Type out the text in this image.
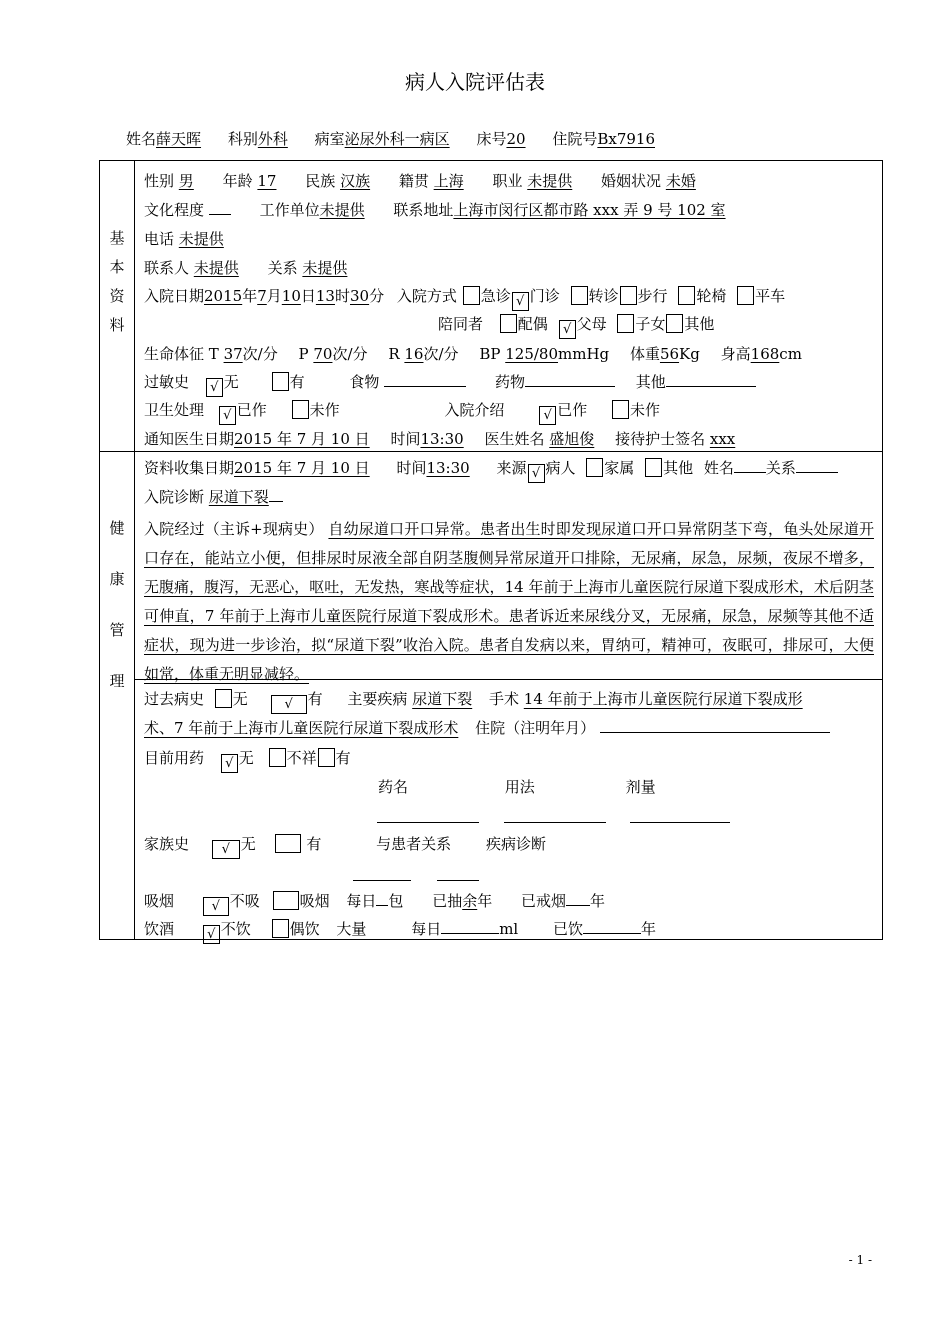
病人入院评估表
姓名薛天晖 科别外科 病室泌尿外科一病区 床号20 住院号Bx7916
基
本
资
料
健
康
管
理
性别 男 年龄 17 民族 汉族 籍贯 上海 职业 未提供 婚姻状况 未婚
文化程度	工作单位未提供 联系地址上海市闵行区都市路 xxx 弄 9 号 102 室
电话 未提供
联系人 未提供 关系 未提供
入院日期2015年7月10日13时30分 入院方式 急诊 √ 门诊 转诊 步行 轮椅 平车
陪同者 配偶 √ 父母 子女 其他
生命体征 T 37次/分 P 70次/分 R 16次/分 BP 125/80mmHg 体重56Kg 身高168cm
过敏史 √ 无	有	食物	药物	其他
卫生处理 √ 已作	未作	入院介绍	√ 已作	未作
通知医生日期2015 年 7 月 10 日 时间13:30 医生姓名 盛旭俊 接待护士签名 xxx
资料收集日期2015 年 7 月 10 日 时间13:30 来源 √ 病人 家属 其他 姓名 关系
入院诊断 尿道下裂
入院经过（主诉+现病史） 自幼尿道口开口异常。患者出生时即发现尿道口开口异常阴茎下弯，龟头处尿道开口存在，能站立小便，但排尿时尿液全部自阴茎腹侧异常尿道开口排除，无尿痛，尿急，尿频，夜尿不增多，无腹痛，腹泻，无恶心，呕吐，无发热，寒战等症状，14 年前于上海市儿童医院行尿道下裂成形术，术后阴茎可伸直，7 年前于上海市儿童医院行尿道下裂成形术。患者诉近来尿线分叉，无尿痛，尿急，尿频等其他不适症状，现为进一步诊治，拟“尿道下裂”收治入院。患者自发病以来，胃纳可，精神可，夜眠可，排尿可，大便如常，体重无明显减轻。
过去病史 无	√ 有 主要疾病 尿道下裂 手术 14 年前于上海市儿童医院行尿道下裂成形
术、7 年前于上海市儿童医院行尿道下裂成形术 住院（注明年月）
目前用药 √ 无 不祥 有
药名	用法	剂量
家族史	√ 无	有	与患者关系 疾病诊断
吸烟	√ 不吸	吸烟 每日 包 已抽余年 已戒烟 年
饮酒	√ 不饮	偶饮 大量	每日	ml 已饮	年
- 1 -
